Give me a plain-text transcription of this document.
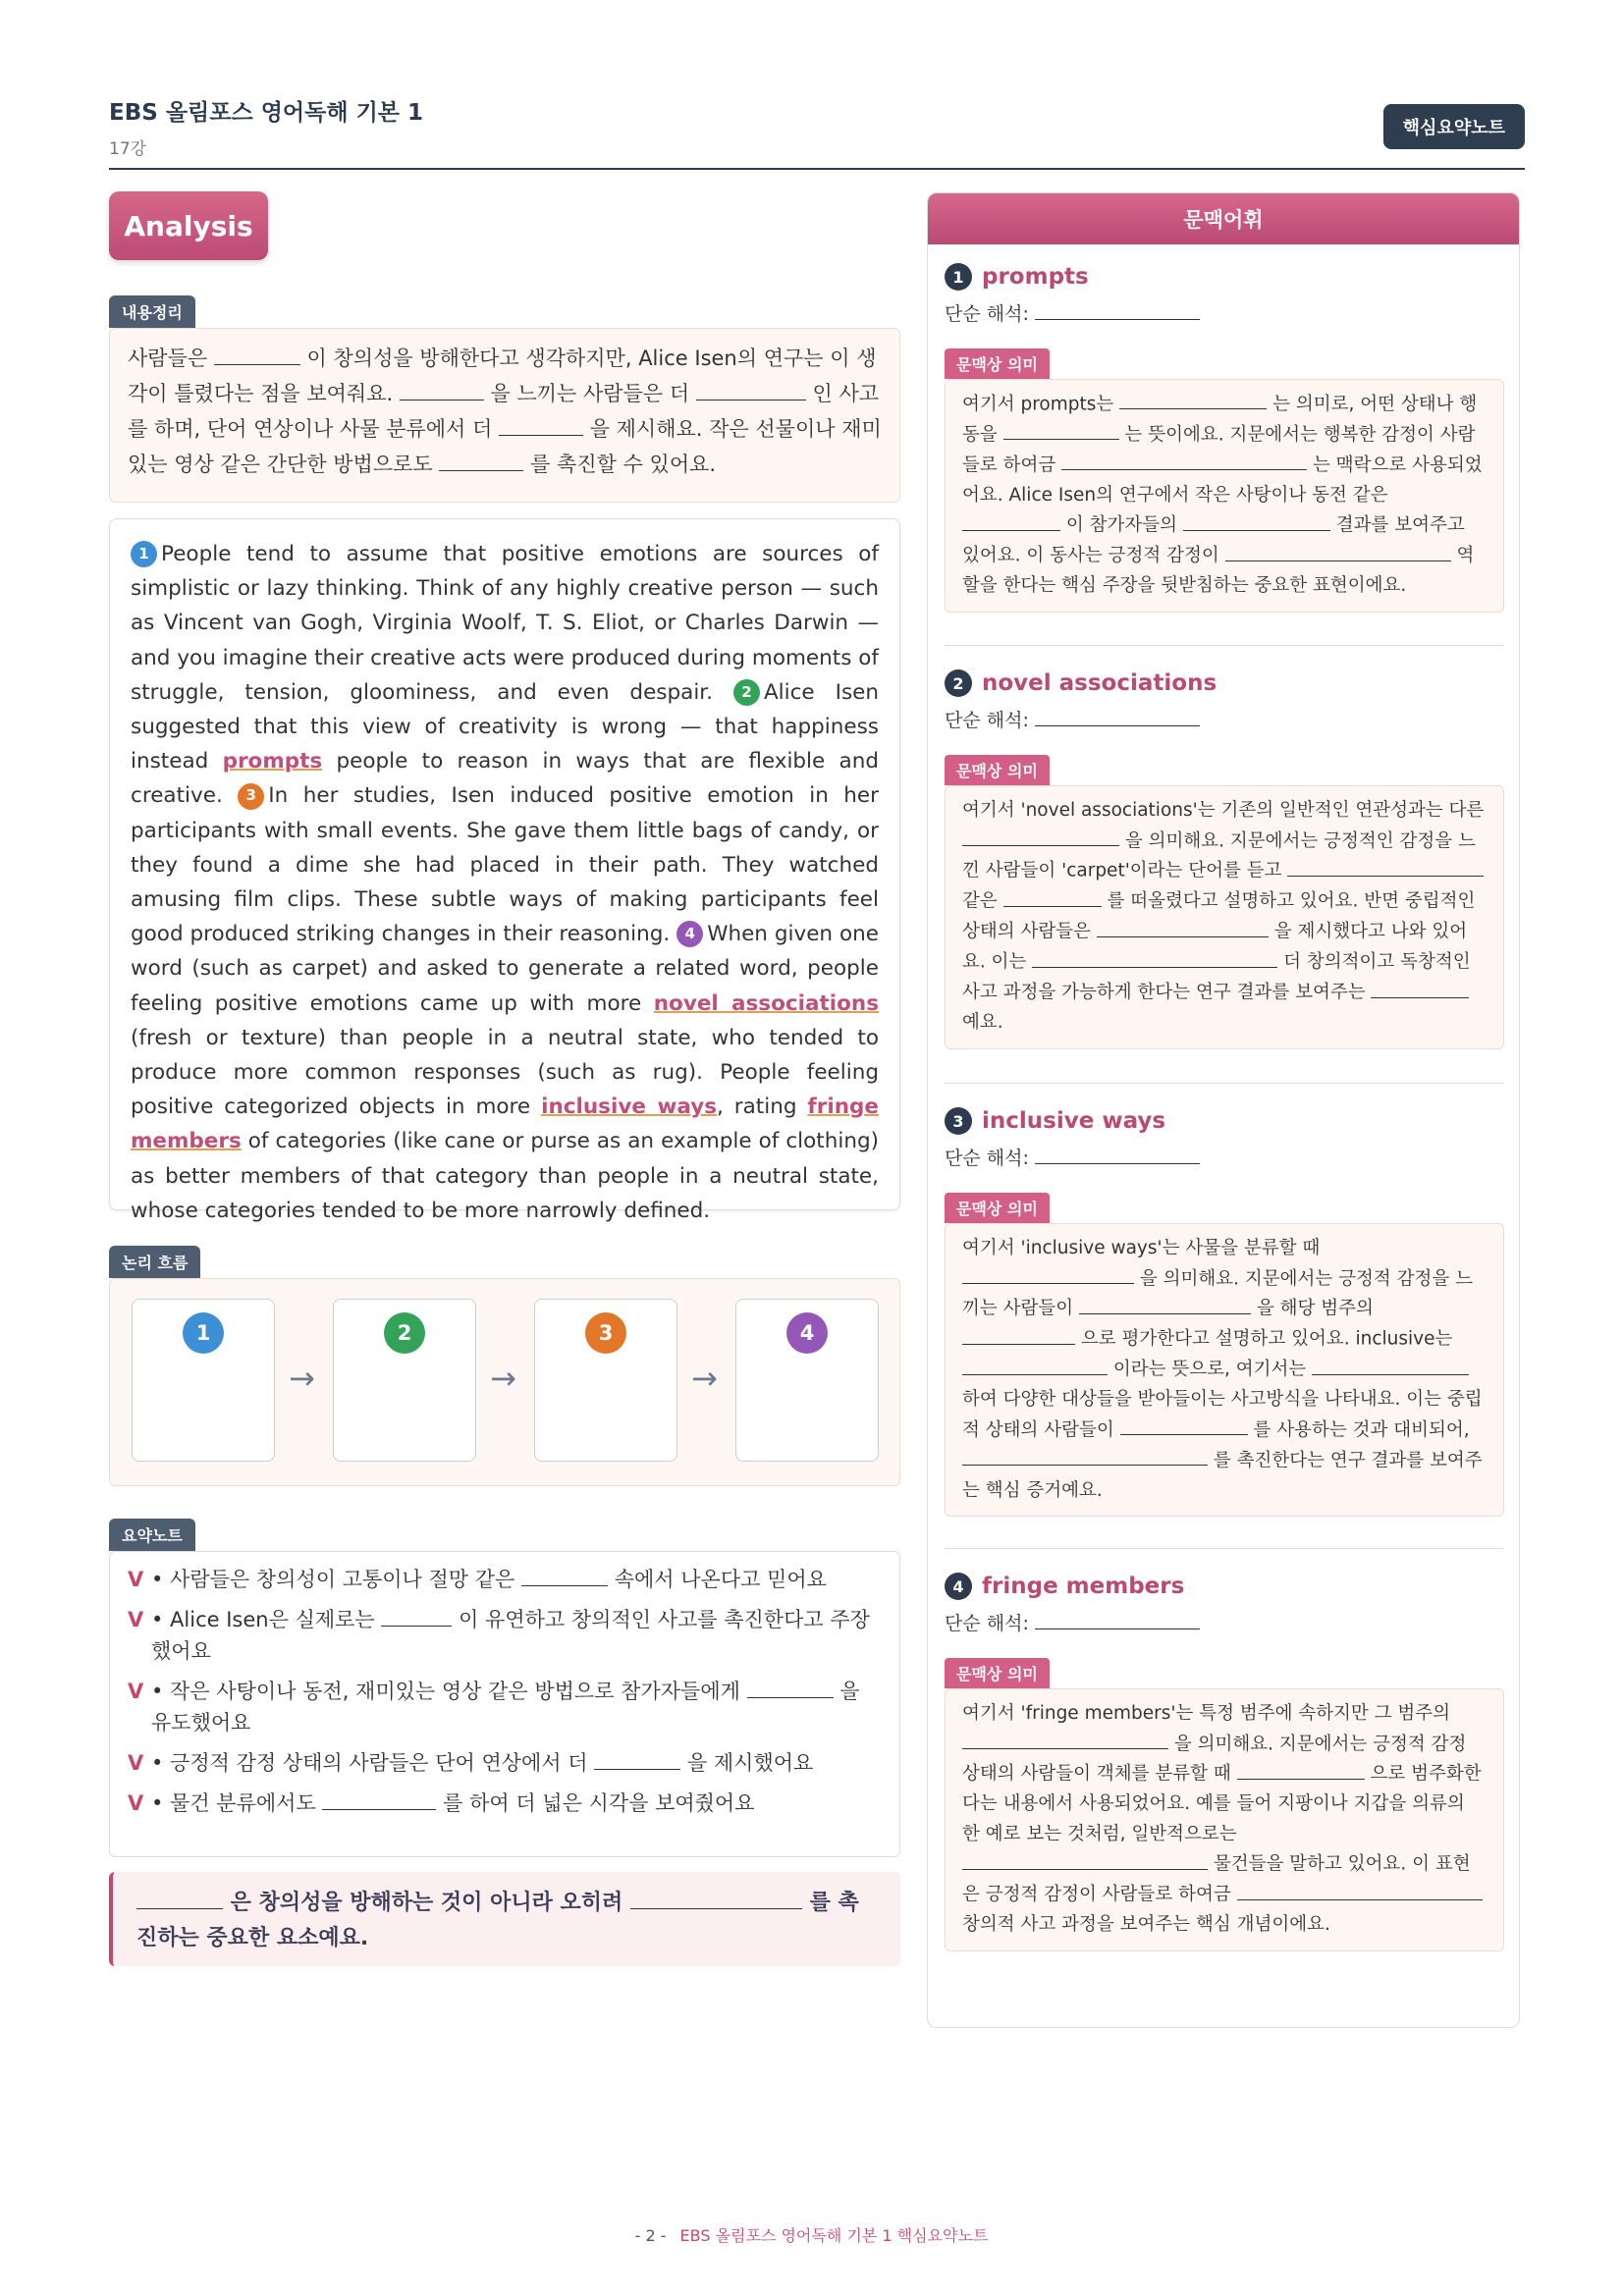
EBS 올림포스 영어독해 기본 1
17강
핵심요약노트
Analysis
내용정리
사람들은	이 창의성을 방해한다고 생각하지만, Alice Isen의 연구는 이 생각이 틀렸다는 점을 보여줘요.	을 느끼는 사람들은 더	인 사고를 하며, 단어 연상이나 사물 분류에서 더	을 제시해요. 작은 선물이나 재미있는 영상 같은 간단한 방법으로도	를 촉진할 수 있어요.
1 People tend to assume that positive emotions are sources of simplistic or lazy thinking. Think of any highly creative person — such as Vincent van Gogh, Virginia Woolf, T. S. Eliot, or Charles Darwin — and you imagine their creative acts were produced during moments of struggle, tension, gloominess, and even despair. 2 Alice Isen suggested that this view of creativity is wrong — that happiness instead prompts people to reason in ways that are flexible and creative. 3 In her studies, Isen induced positive emotion in her participants with small events. She gave them little bags of candy, or they found a dime she had placed in their path. They watched amusing film clips. These subtle ways of making participants feel good produced striking changes in their reasoning. 4 When given one word (such as carpet) and asked to generate a related word, people feeling positive emotions came up with more novel associations (fresh or texture) than people in a neutral state, who tended to produce more common responses (such as rug). People feeling positive categorized objects in more inclusive ways, rating fringe members of categories (like cane or purse as an example of clothing) as better members of that category than people in a neutral state, whose categories tended to be more narrowly defined.
논리 흐름
1
→
2
→
3
→
4
요약노트
V • 사람들은 창의성이 고통이나 절망 같은	속에서 나온다고 믿어요
V • Alice Isen은 실제로는	이 유연하고 창의적인 사고를 촉진한다고 주장했어요
V • 작은 사탕이나 동전, 재미있는 영상 같은 방법으로 참가자들에게	을 유도했어요
V • 긍정적 감정 상태의 사람들은 단어 연상에서 더	을 제시했어요
V • 물건 분류에서도	를 하여 더 넓은 시각을 보여줬어요
은 창의성을 방해하는 것이 아니라 오히려	를 촉진하는 중요한 요소예요.
문맥어휘
1 prompts
단순 해석:
문맥상 의미
여기서 prompts는	는 의미로, 어떤 상태나 행동을	는 뜻이에요. 지문에서는 행복한 감정이 사람들로 하여금	는 맥락으로 사용되었어요. Alice Isen의 연구에서 작은 사탕이나 동전 같은  이 참가자들의	결과를 보여주고 있어요. 이 동사는 긍정적 감정이	역할을 한다는 핵심 주장을 뒷받침하는 중요한 표현이에요.
2 novel associations
단순 해석:
문맥상 의미
여기서 'novel associations'는 기존의 일반적인 연관성과는 다른  을 의미해요. 지문에서는 긍정적인 감정을 느낀 사람들이 'carpet'이라는 단어를 듣고  같은	를 떠올렸다고 설명하고 있어요. 반면 중립적인 상태의 사람들은	을 제시했다고 나와 있어요. 이는	더 창의적이고 독창적인 사고 과정을 가능하게 한다는 연구 결과를 보여주는  예요.
3 inclusive ways
단순 해석:
문맥상 의미
여기서 'inclusive ways'는 사물을 분류할 때  을 의미해요. 지문에서는 긍정적 감정을 느끼는 사람들이	을 해당 범주의  으로 평가한다고 설명하고 있어요. inclusive는  이라는 뜻으로, 여기서는  하여 다양한 대상들을 받아들이는 사고방식을 나타내요. 이는 중립적 상태의 사람들이	를 사용하는 것과 대비되어,  를 촉진한다는 연구 결과를 보여주는 핵심 증거예요.
4 fringe members
단순 해석:
문맥상 의미
여기서 'fringe members'는 특정 범주에 속하지만 그 범주의  을 의미해요. 지문에서는 긍정적 감정 상태의 사람들이 객체를 분류할 때	으로 범주화한다는 내용에서 사용되었어요. 예를 들어 지팡이나 지갑을 의류의 한 예로 보는 것처럼, 일반적으로는  물건들을 말하고 있어요. 이 표현은 긍정적 감정이 사람들로 하여금  창의적 사고 과정을 보여주는 핵심 개념이에요.
- 2 - EBS 올림포스 영어독해 기본 1 핵심요약노트
